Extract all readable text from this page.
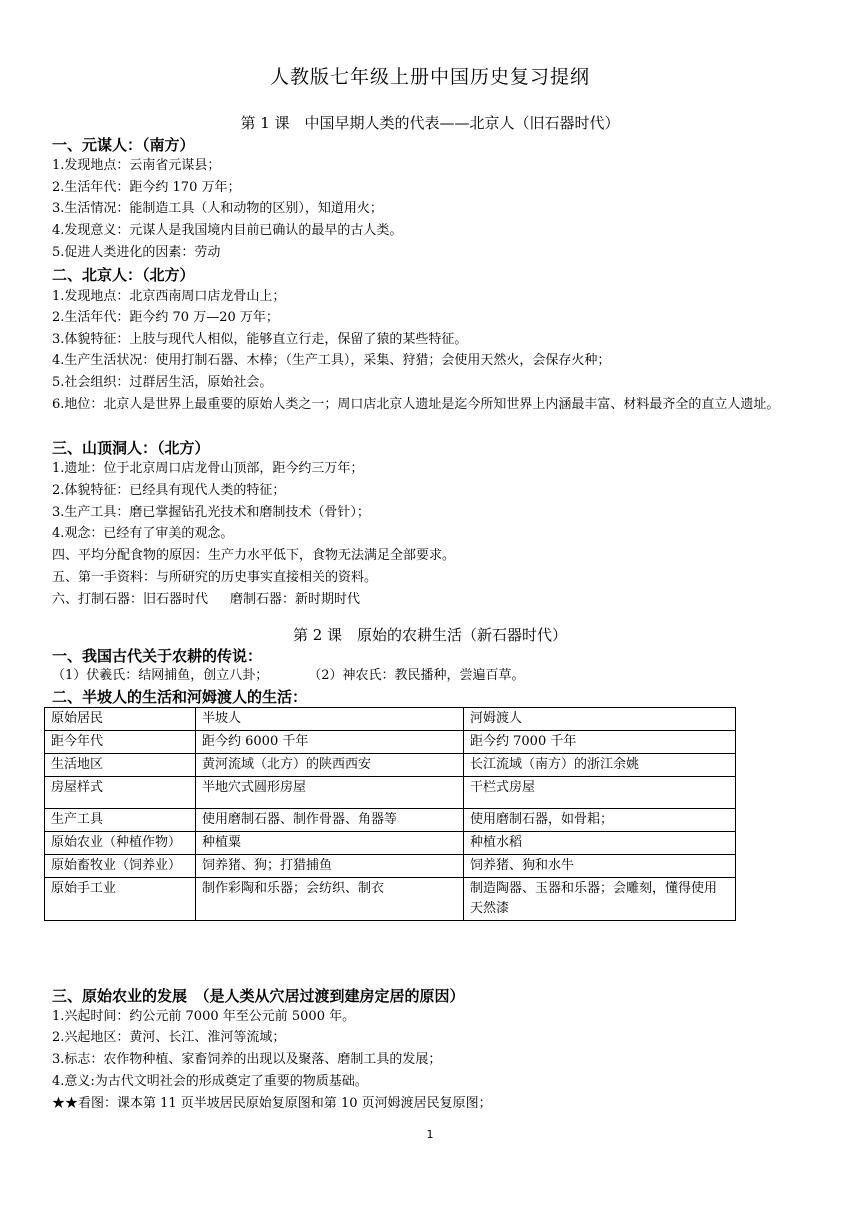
人教版七年级上册中国历史复习提纲
第 1 课　中国早期人类的代表——北京人（旧石器时代）
一、元谋人：（南方）
1.发现地点：云南省元谋县；
2.生活年代：距今约 170 万年；
3.生活情况：能制造工具（人和动物的区别），知道用火；
4.发现意义：元谋人是我国境内目前已确认的最早的古人类。
5.促进人类进化的因素：劳动
二、北京人：（北方）
1.发现地点：北京西南周口店龙骨山上；
2.生活年代：距今约 70 万—20 万年；
3.体貌特征：上肢与现代人相似，能够直立行走，保留了猿的某些特征。
4.生产生活状况：使用打制石器、木棒；（生产工具），采集、狩猎；会使用天然火，会保存火种；
5.社会组织：过群居生活，原始社会。
6.地位：北京人是世界上最重要的原始人类之一；周口店北京人遗址是迄今所知世界上内涵最丰富、材料最齐全的直立人遗址。
三、山顶洞人：（北方）
1.遗址：位于北京周口店龙骨山顶部，距今约三万年；
2.体貌特征：已经具有现代人类的特征；
3.生产工具：磨已掌握钻孔光技术和磨制技术（骨针）；
4.观念：已经有了审美的观念。
四、平均分配食物的原因：生产力水平低下，食物无法满足全部要求。
五、第一手资料：与所研究的历史事实直接相关的资料。
六、打制石器：旧石器时代 磨制石器：新时期时代
第 2 课　原始的农耕生活（新石器时代）
一、我国古代关于农耕的传说：
（1）伏羲氏：结网捕鱼，创立八卦；	（2）神农氏：教民播种，尝遍百草。
二、半坡人的生活和河姆渡人的生活：
原始居民	半坡人	河姆渡人
距今年代	距今约 6000 千年	距今约 7000 千年
生活地区	黄河流域（北方）的陕西西安	长江流域（南方）的浙江余姚
房屋样式	半地穴式圆形房屋	干栏式房屋
生产工具	使用磨制石器、制作骨器、角器等	使用磨制石器，如骨耜；
原始农业（种植作物）	种植粟	种植水稻
原始畜牧业（饲养业）	饲养猪、狗；打猎捕鱼	饲养猪、狗和水牛
原始手工业	制作彩陶和乐器；会纺织、制衣	制造陶器、玉器和乐器；会雕刻，懂得使用天然漆
三、原始农业的发展　（是人类从穴居过渡到建房定居的原因）
1.兴起时间：约公元前 7000 年至公元前 5000 年。
2.兴起地区：黄河、长江、淮河等流域；
3.标志：农作物种植、家畜饲养的出现以及聚落、磨制工具的发展；
4.意义:为古代文明社会的形成奠定了重要的物质基础。
★★看图：课本第 11 页半坡居民原始复原图和第 10 页河姆渡居民复原图；
1
